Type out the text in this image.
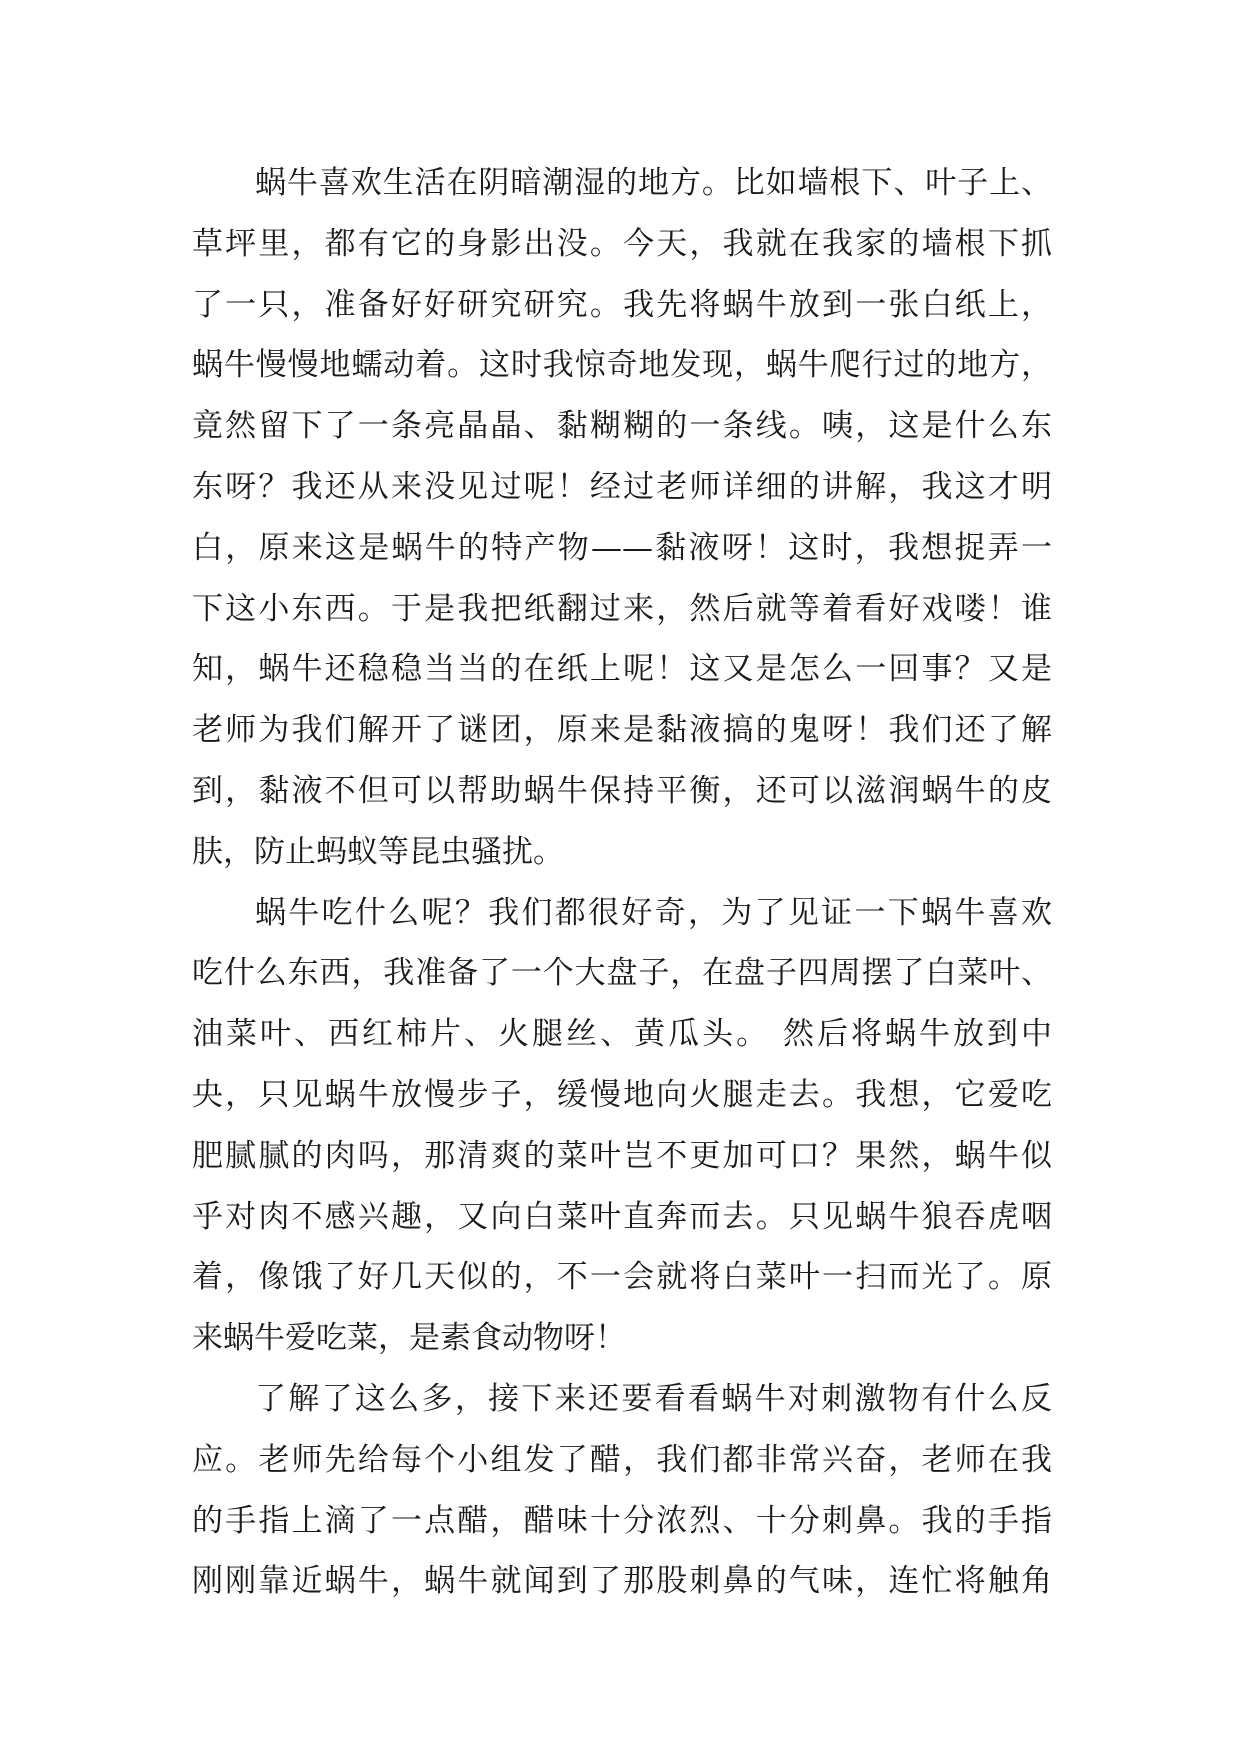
蜗牛喜欢生活在阴暗潮湿的地方。比如墙根下、叶子上、
草坪里，都有它的身影出没。今天，我就在我家的墙根下抓
了一只，准备好好研究研究。我先将蜗牛放到一张白纸上，
蜗牛慢慢地蠕动着。这时我惊奇地发现，蜗牛爬行过的地方，
竟然留下了一条亮晶晶、黏糊糊的一条线。咦，这是什么东
东呀？我还从来没见过呢！经过老师详细的讲解，我这才明
白，原来这是蜗牛的特产物——黏液呀！这时，我想捉弄一
下这小东西。于是我把纸翻过来，然后就等着看好戏喽！谁
知，蜗牛还稳稳当当的在纸上呢！这又是怎么一回事？又是
老师为我们解开了谜团，原来是黏液搞的鬼呀！我们还了解
到，黏液不但可以帮助蜗牛保持平衡，还可以滋润蜗牛的皮
肤，防止蚂蚁等昆虫骚扰。
蜗牛吃什么呢？我们都很好奇，为了见证一下蜗牛喜欢
吃什么东西，我准备了一个大盘子，在盘子四周摆了白菜叶、
油菜叶、西红柿片、火腿丝、黄瓜头。 然后将蜗牛放到中
央，只见蜗牛放慢步子，缓慢地向火腿走去。我想，它爱吃
肥腻腻的肉吗，那清爽的菜叶岂不更加可口？果然，蜗牛似
乎对肉不感兴趣，又向白菜叶直奔而去。只见蜗牛狼吞虎咽
着，像饿了好几天似的，不一会就将白菜叶一扫而光了。原
来蜗牛爱吃菜，是素食动物呀！
了解了这么多，接下来还要看看蜗牛对刺激物有什么反
应。老师先给每个小组发了醋，我们都非常兴奋，老师在我
的手指上滴了一点醋，醋味十分浓烈、十分刺鼻。我的手指
刚刚靠近蜗牛，蜗牛就闻到了那股刺鼻的气味，连忙将触角
